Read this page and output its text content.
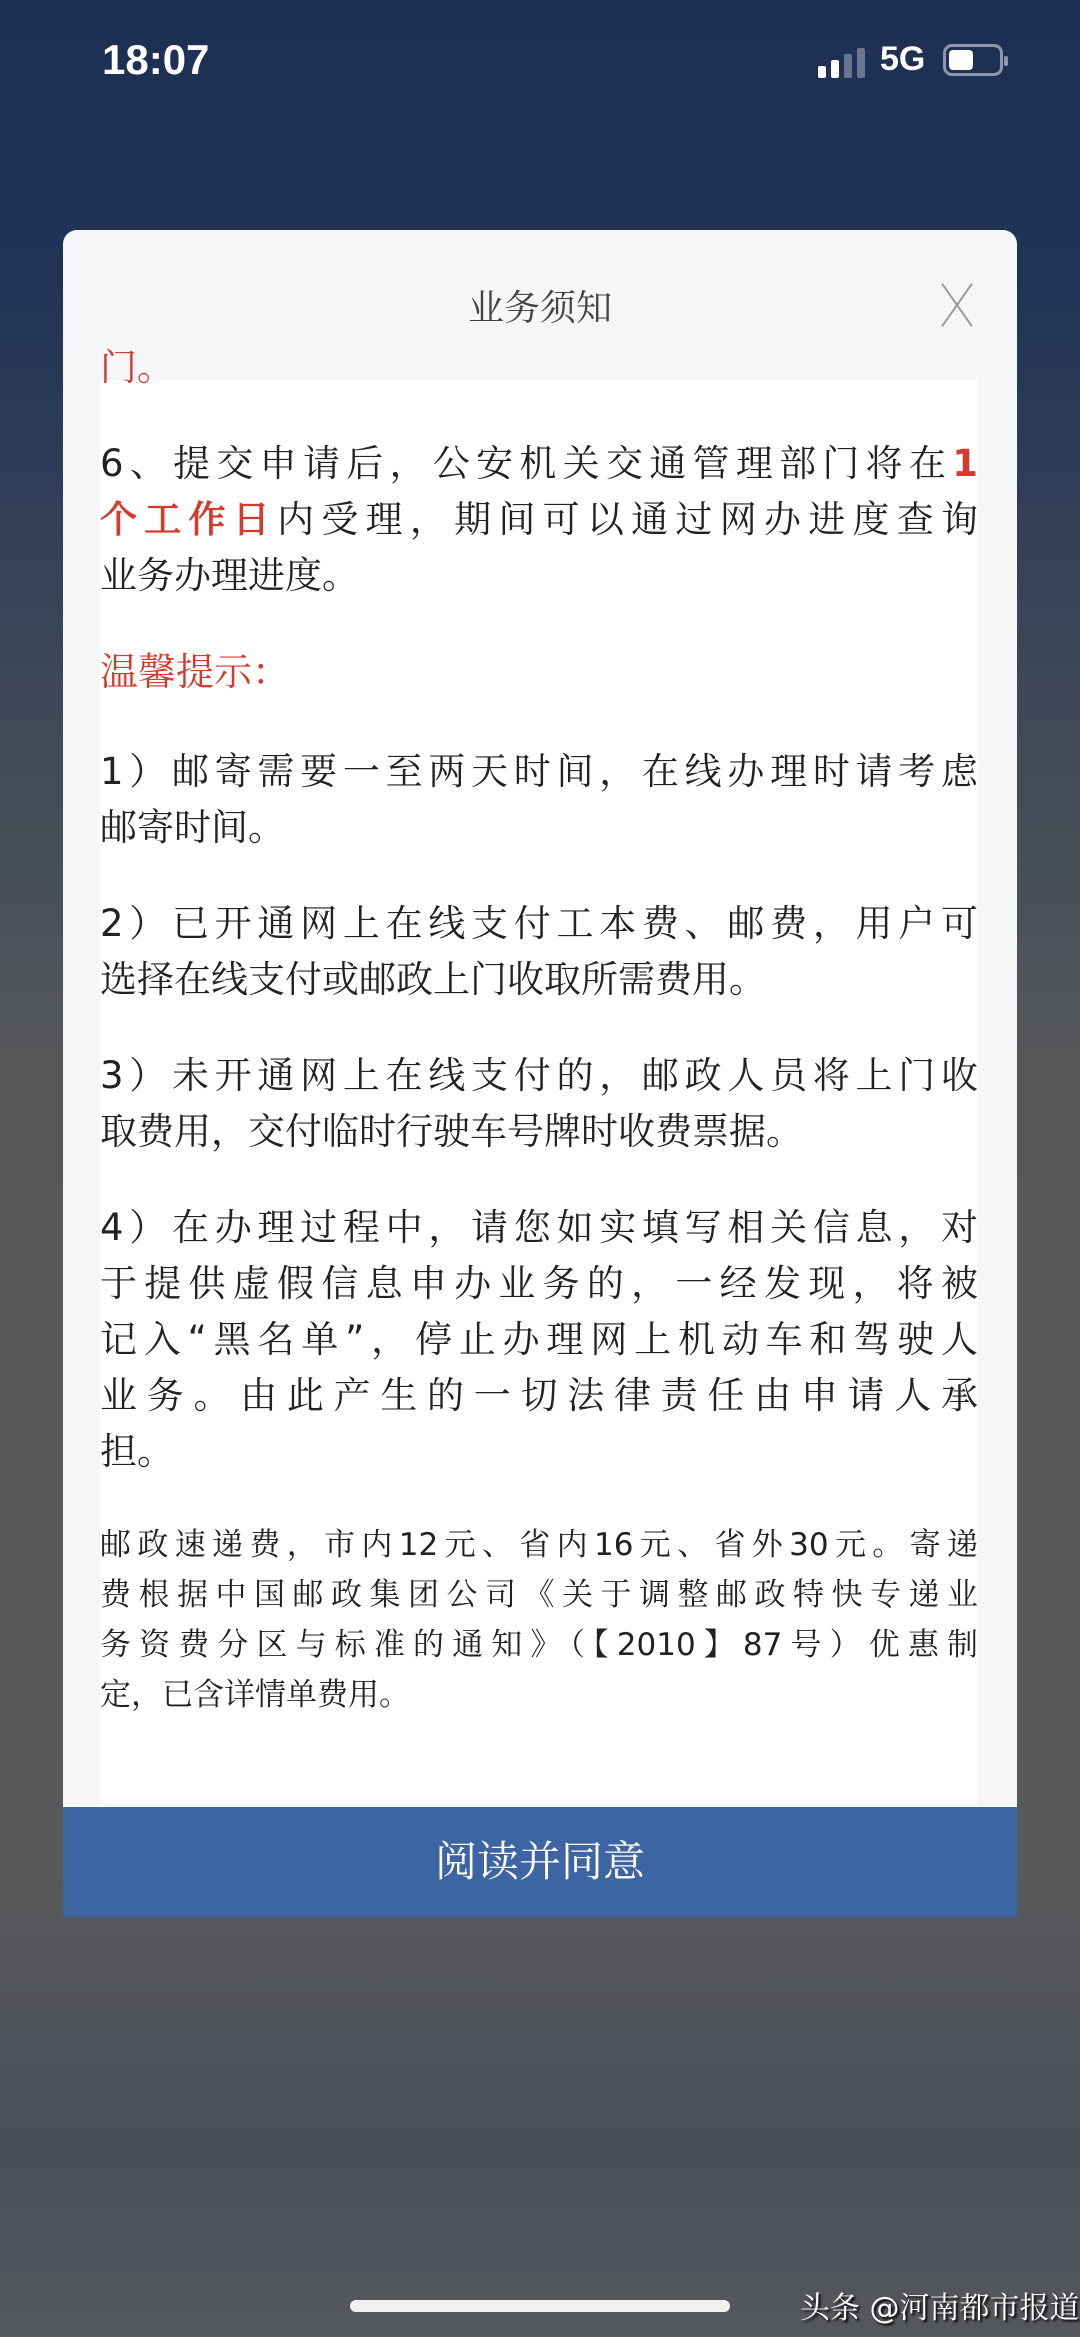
18:07	5G
业务须知
门。
6、提交申请后，公安机关交通管理部门将在1
个工作日内受理，期间可以通过网办进度查询
业务办理进度。
温馨提示：
1）邮寄需要一至两天时间，在线办理时请考虑
邮寄时间。
2）已开通网上在线支付工本费、邮费，用户可
选择在线支付或邮政上门收取所需费用。
3）未开通网上在线支付的，邮政人员将上门收
取费用，交付临时行驶车号牌时收费票据。
4）在办理过程中，请您如实填写相关信息，对
于提供虚假信息申办业务的，一经发现，将被
记入“黑名单”，停止办理网上机动车和驾驶人
业务。由此产生的一切法律责任由申请人承
担。
邮政速递费，市内12元、省内16元、省外30元。寄递
费根据中国邮政集团公司《关于调整邮政特快专递业
务资费分区与标准的通知》（【2010】87号）优惠制
定，已含详情单费用。
阅读并同意
头条 @河南都市报道
